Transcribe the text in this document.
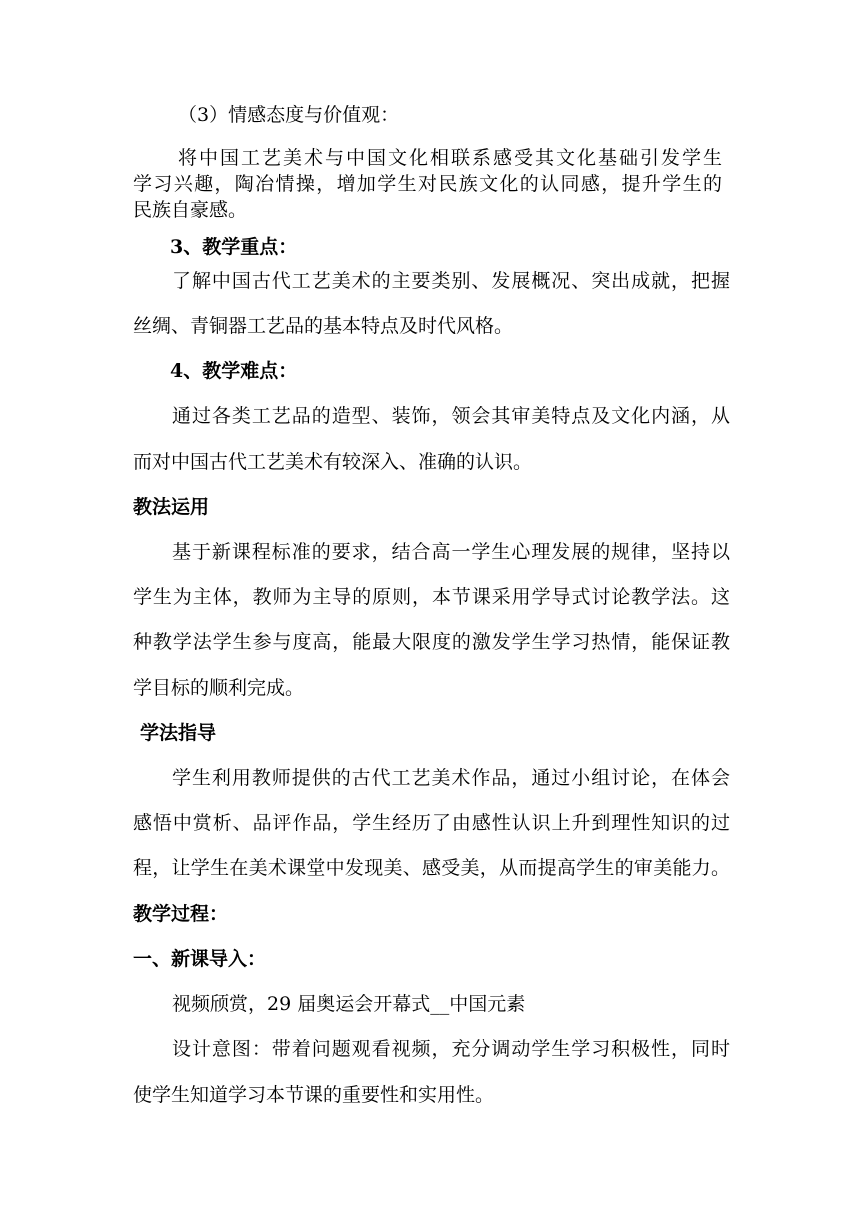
（3）情感态度与价值观：

将中国工艺美术与中国文化相联系感受其文化基础引发学生

学习兴趣，陶冶情操，增加学生对民族文化的认同感，提升学生的

民族自豪感。

3、教学重点：

了解中国古代工艺美术的主要类别、发展概况、突出成就，把握

丝绸、青铜器工艺品的基本特点及时代风格。

4、教学难点：

通过各类工艺品的造型、装饰，领会其审美特点及文化内涵，从

而对中国古代工艺美术有较深入、准确的认识。

教法运用

基于新课程标准的要求，结合高一学生心理发展的规律，坚持以

学生为主体，教师为主导的原则，本节课采用学导式讨论教学法。这

种教学法学生参与度高，能最大限度的激发学生学习热情，能保证教

学目标的顺利完成。

学法指导

学生利用教师提供的古代工艺美术作品，通过小组讨论，在体会

感悟中赏析、品评作品，学生经历了由感性认识上升到理性知识的过

程，让学生在美术课堂中发现美、感受美，从而提高学生的审美能力。

教学过程：

一、新课导入：

视频颀赏，29 届奥运会开幕式__中国元素

设计意图：带着问题观看视频，充分调动学生学习积极性，同时

使学生知道学习本节课的重要性和实用性。
